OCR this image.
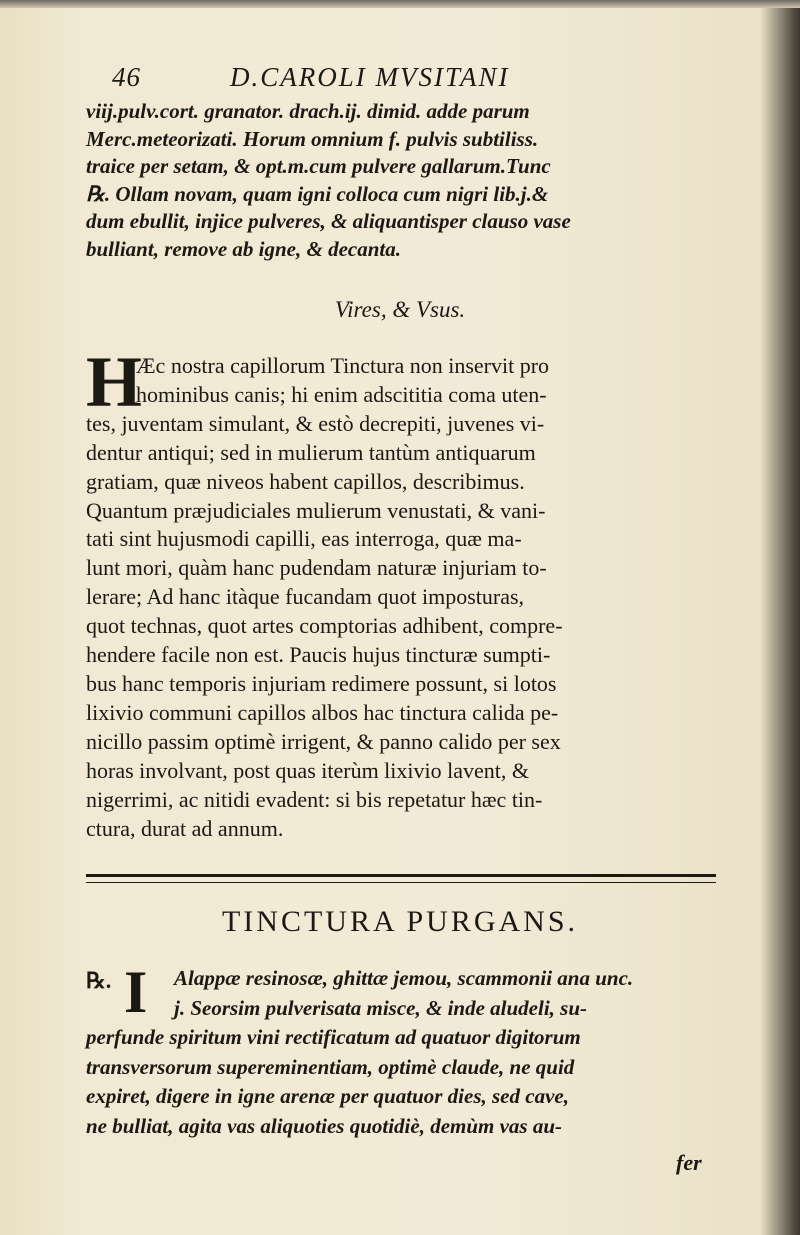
46	D.CAROLI MVSITANI
viij.pulv.cort. granator. drach.ij. dimid. adde parum
Merc.meteorizati. Horum omnium f. pulvis subtiliss.
traice per setam, & opt.m.cum pulvere gallarum.Tunc
℞. Ollam novam, quam igni colloca cum nigri lib.j.&
dum ebullit, injice pulveres, & aliquantisper clauso vase
bulliant, remove ab igne, & decanta.
Vires, & Vsus.
H
Æc nostra capillorum Tinctura non inservit pro
hominibus canis; hi enim adscititia coma uten-
tes, juventam simulant, & estò decrepiti, juvenes vi-
dentur antiqui; sed in mulierum tantùm antiquarum
gratiam, quæ niveos habent capillos, describimus.
Quantum præjudiciales mulierum venustati, & vani-
tati sint hujusmodi capilli, eas interroga, quæ ma-
lunt mori, quàm hanc pudendam naturæ injuriam to-
lerare; Ad hanc itàque fucandam quot imposturas,
quot technas, quot artes comptorias adhibent, compre-
hendere facile non est. Paucis hujus tincturæ sumpti-
bus hanc temporis injuriam redimere possunt, si lotos
lixivio communi capillos albos hac tinctura calida pe-
nicillo passim optimè irrigent, & panno calido per sex
horas involvant, post quas iterùm lixivio lavent, &
nigerrimi, ac nitidi evadent: si bis repetatur hæc tin-
ctura, durat ad annum.
TINCTURA PURGANS.
℞. I	Alappæ resinosæ, ghittæ jemou, scammonii ana unc.
j. Seorsim pulverisata misce, & inde aludeli, su-
perfunde spiritum vini rectificatum ad quatuor digitorum
transversorum supereminentiam, optimè claude, ne quid
expiret, digere in igne arenæ per quatuor dies, sed cave,
ne bulliat, agita vas aliquoties quotidiè, demùm vas au-
fer
